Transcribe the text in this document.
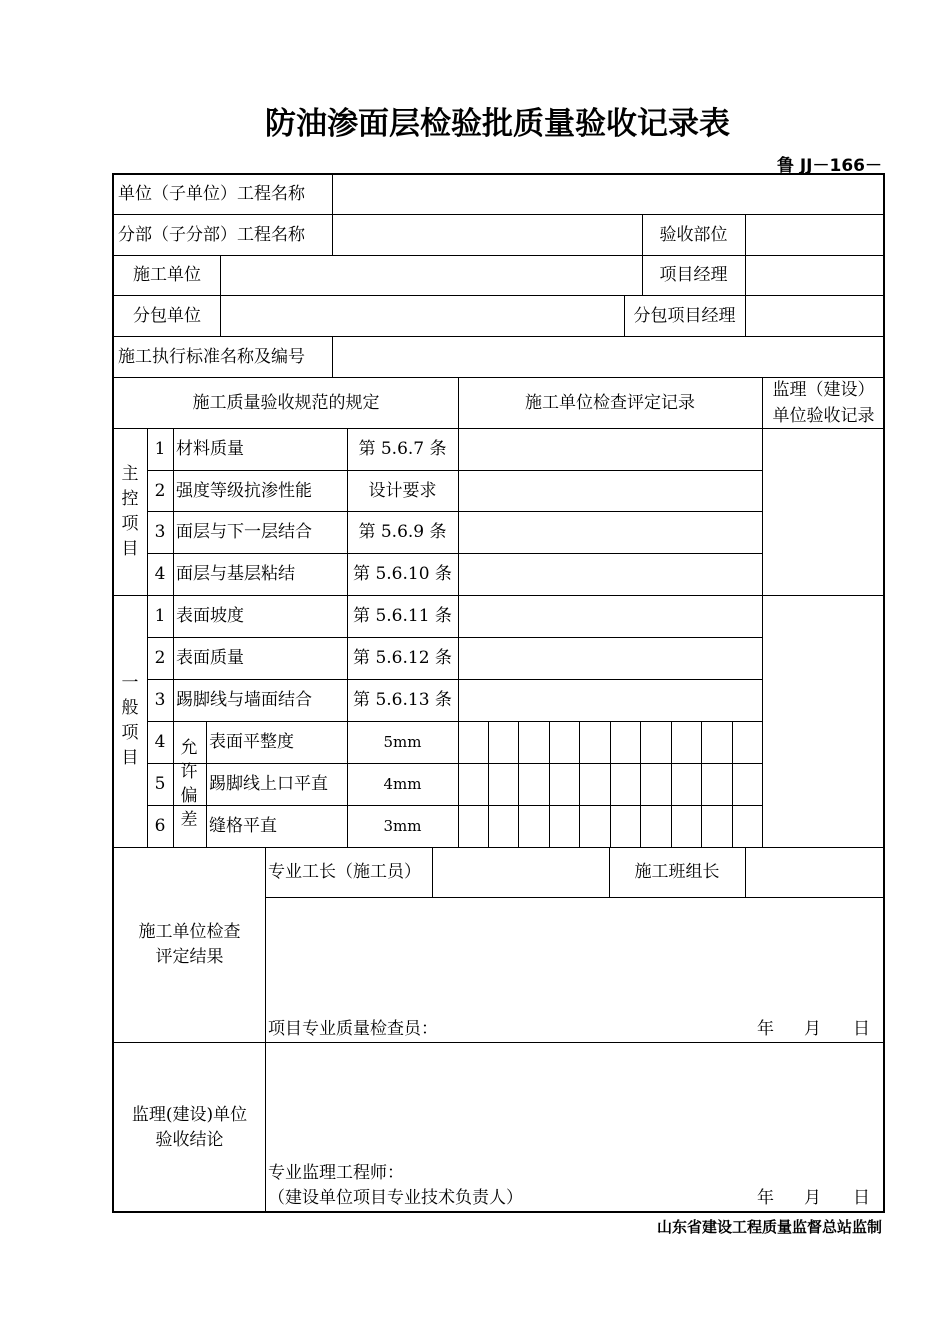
防油渗面层检验批质量验收记录表
鲁 JJ－166－
单位（子单位）工程名称
分部（子分部）工程名称	验收部位
施工单位	项目经理
分包单位	分包项目经理
施工执行标准名称及编号
施工质量验收规范的规定	施工单位检查评定记录
监理（建设）
单位验收记录
主控项目
一般项目 允许偏差
1 材料质量	第 5.6.7 条
2 强度等级抗渗性能	设计要求
3 面层与下一层结合	第 5.6.9 条
4 面层与基层粘结	第 5.6.10 条
1 表面坡度	第 5.6.11 条
2 表面质量	第 5.6.12 条
3 踢脚线与墙面结合	第 5.6.13 条
4	表面平整度	5mm
5	踢脚线上口平直	4mm
6	缝格平直	3mm
施工单位检查
评定结果
专业工长（施工员）	施工班组长
项目专业质量检查员：	年 月 日
监理(建设)单位
验收结论
专业监理工程师：
（建设单位项目专业技术负责人）	年 月 日
山东省建设工程质量监督总站监制
